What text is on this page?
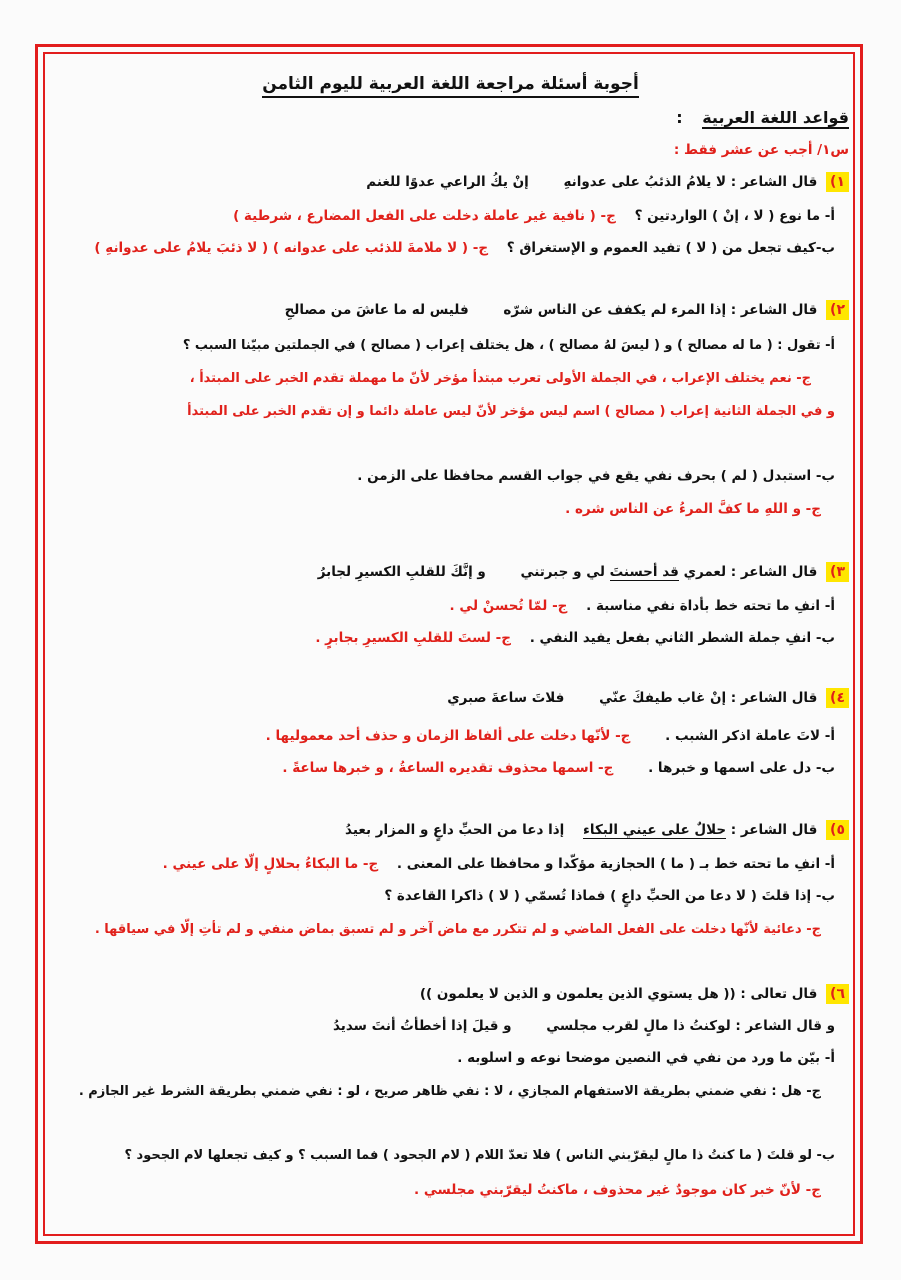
أجوبة أسئلة مراجعة اللغة العربية لليوم الثامن
قواعد اللغة العربية :
س١/ أجب عن عشر فقط :
١) قال الشاعر : لا يلامُ الذئبُ على عدوانهِ إنْ يكُ الراعي عدوًا للغنم
أ- ما نوع ( لا ، إنْ ) الواردتين ؟ ج- ( نافية غير عاملة دخلت على الفعل المضارع ، شرطية )
ب-كيف تجعل من ( لا ) تفيد العموم و الإستغراق ؟ ج- ( لا ملامةَ للذئب على عدوانه ) ( لا ذئبَ يلامُ على عدوانهِ )
٢) قال الشاعر : إذا المرء لم يكفف عن الناس شرّه فليس له ما عاشَ من مصالحِ
أ- تقول : ( ما له مصالح ) و ( ليسَ لهُ مصالح ) ، هل يختلف إعراب ( مصالح ) في الجملتين مبيّنا السبب ؟
ج- نعم يختلف الإعراب ، في الجملة الأولى تعرب مبتدأ مؤخر لأنّ ما مهملة تقدم الخبر على المبتدأ ،
و في الجملة الثانية إعراب ( مصالح ) اسم ليس مؤخر لأنّ ليس عاملة دائما و إن تقدم الخبر على المبتدأ
ب- استبدل ( لم ) بحرف نفي يقع في جواب القسم محافظا على الزمن .
ج- و اللهِ ما كفَّ المرءُ عن الناس شره .
٣) قال الشاعر : لعمري قد أحسنتَ لي و جبرتني و إنَّكَ للقلبِ الكسيرِ لجابرُ
أ- انفِ ما تحته خط بأداة نفي مناسبة . ج- لمّا تُحسنْ لي .
ب- انفِ جملة الشطر الثاني بفعل يفيد النفي . ج- لستَ للقلبِ الكسيرِ بجابرٍ .
٤) قال الشاعر : إنْ غاب طيفكَ عنّي فلاتَ ساعةَ صبري
أ- لاتَ عاملة اذكر الشبب . ج- لأنّها دخلت على ألفاظ الزمان و حذف أحد معموليها .
ب- دل على اسمها و خبرها . ج- اسمها محذوف تقديره الساعةُ ، و خبرها ساعةً .
٥) قال الشاعر : حلالٌ على عيني البكاء إذا دعا من الحبِّ داعٍ و المزار بعيدُ
أ- انفِ ما تحته خط بـ ( ما ) الحجازية مؤكّدا و محافظا على المعنى . ج- ما البكاءُ بحلالٍ إلّا على عيني .
ب- إذا قلتَ ( لا دعا من الحبِّ داعٍ ) فماذا تُسمّي ( لا ) ذاكرا القاعدة ؟
ج- دعائية لأنّها دخلت على الفعل الماضي و لم تتكرر مع ماض آخر و لم تسبق بماض منفي و لم تأتِ إلّا في سياقها .
٦) قال تعالى : (( هل يستوي الذين يعلمون و الذين لا يعلمون ))
و قال الشاعر : لوكنتُ ذا مالٍ لقرب مجلسي و قيلَ إذا أخطأتُ أنتَ سديدُ
أ- بيّن ما ورد من نفي في النصين موضحا نوعه و اسلوبه .
ج- هل : نفي ضمني بطريقة الاستفهام المجازي ، لا : نفي ظاهر صريح ، لو : نفي ضمني بطريقة الشرط غير الجازم .
ب- لو قلتَ ( ما كنتُ ذا مالٍ ليقرّبني الناس ) فلا تعدّ اللام ( لام الجحود ) فما السبب ؟ و كيف تجعلها لام الجحود ؟
ج- لأنّ خبر كان موجودٌ غير محذوف ، ماكنتُ ليقرّبني مجلسي .
